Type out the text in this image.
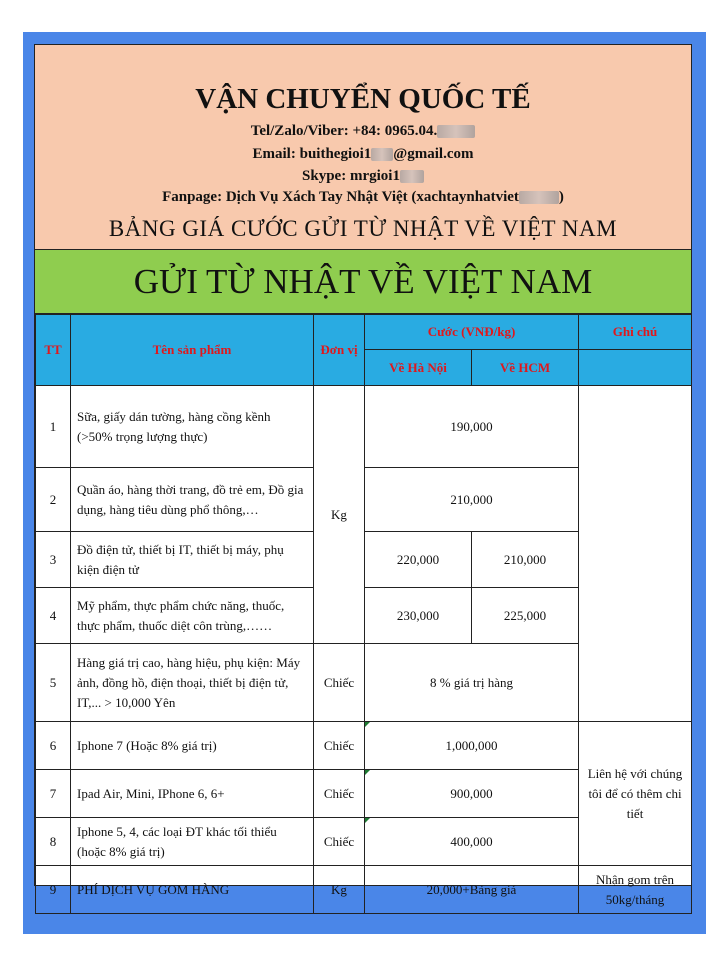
VẬN CHUYỂN QUỐC TẾ
Tel/Zalo/Viber: +84: 0965.04.
Email: buithegioi1 @gmail.com
Skype: mrgioi1
Fanpage: Dịch Vụ Xách Tay Nhật Việt (xachtaynhatviet	)
BẢNG GIÁ CƯỚC GỬI TỪ NHẬT VỀ VIỆT NAM
GỬI TỪ NHẬT VỀ VIỆT NAM
TT	Tên sản phẩm	Đơn vị	Cước (VNĐ/kg)		Ghi chú
			Về Hà Nội	Về HCM	
1	Sữa, giấy dán tường, hàng cồng kềnh (>50% trọng lượng thực)	Kg	190,000		
2	Quần áo, hàng thời trang, đồ trẻ em, Đồ gia dụng, hàng tiêu dùng phổ thông,…		210,000		
3	Đồ điện tử, thiết bị IT, thiết bị máy, phụ kiện điện tử		220,000	210,000	
4	Mỹ phẩm, thực phẩm chức năng, thuốc, thực phẩm, thuốc diệt côn trùng,……		230,000	225,000	
5	Hàng giá trị cao, hàng hiệu, phụ kiện: Máy ảnh, đồng hồ, điện thoại, thiết bị điện tử, IT,... > 10,000 Yên	Chiếc	8 % giá trị hàng		
6	Iphone 7 (Hoặc 8% giá trị)	Chiếc	1,000,000		Liên hệ với chúng tôi để có thêm chi tiết
7	Ipad Air, Mini, IPhone 6, 6+	Chiếc	900,000		
8	Iphone 5, 4, các loại ĐT khác tối thiểu (hoặc 8% giá trị)	Chiếc	400,000		
9	PHÍ DỊCH VỤ GOM HÀNG	Kg	20,000+Bảng giá		Nhận gom trên 50kg/tháng
